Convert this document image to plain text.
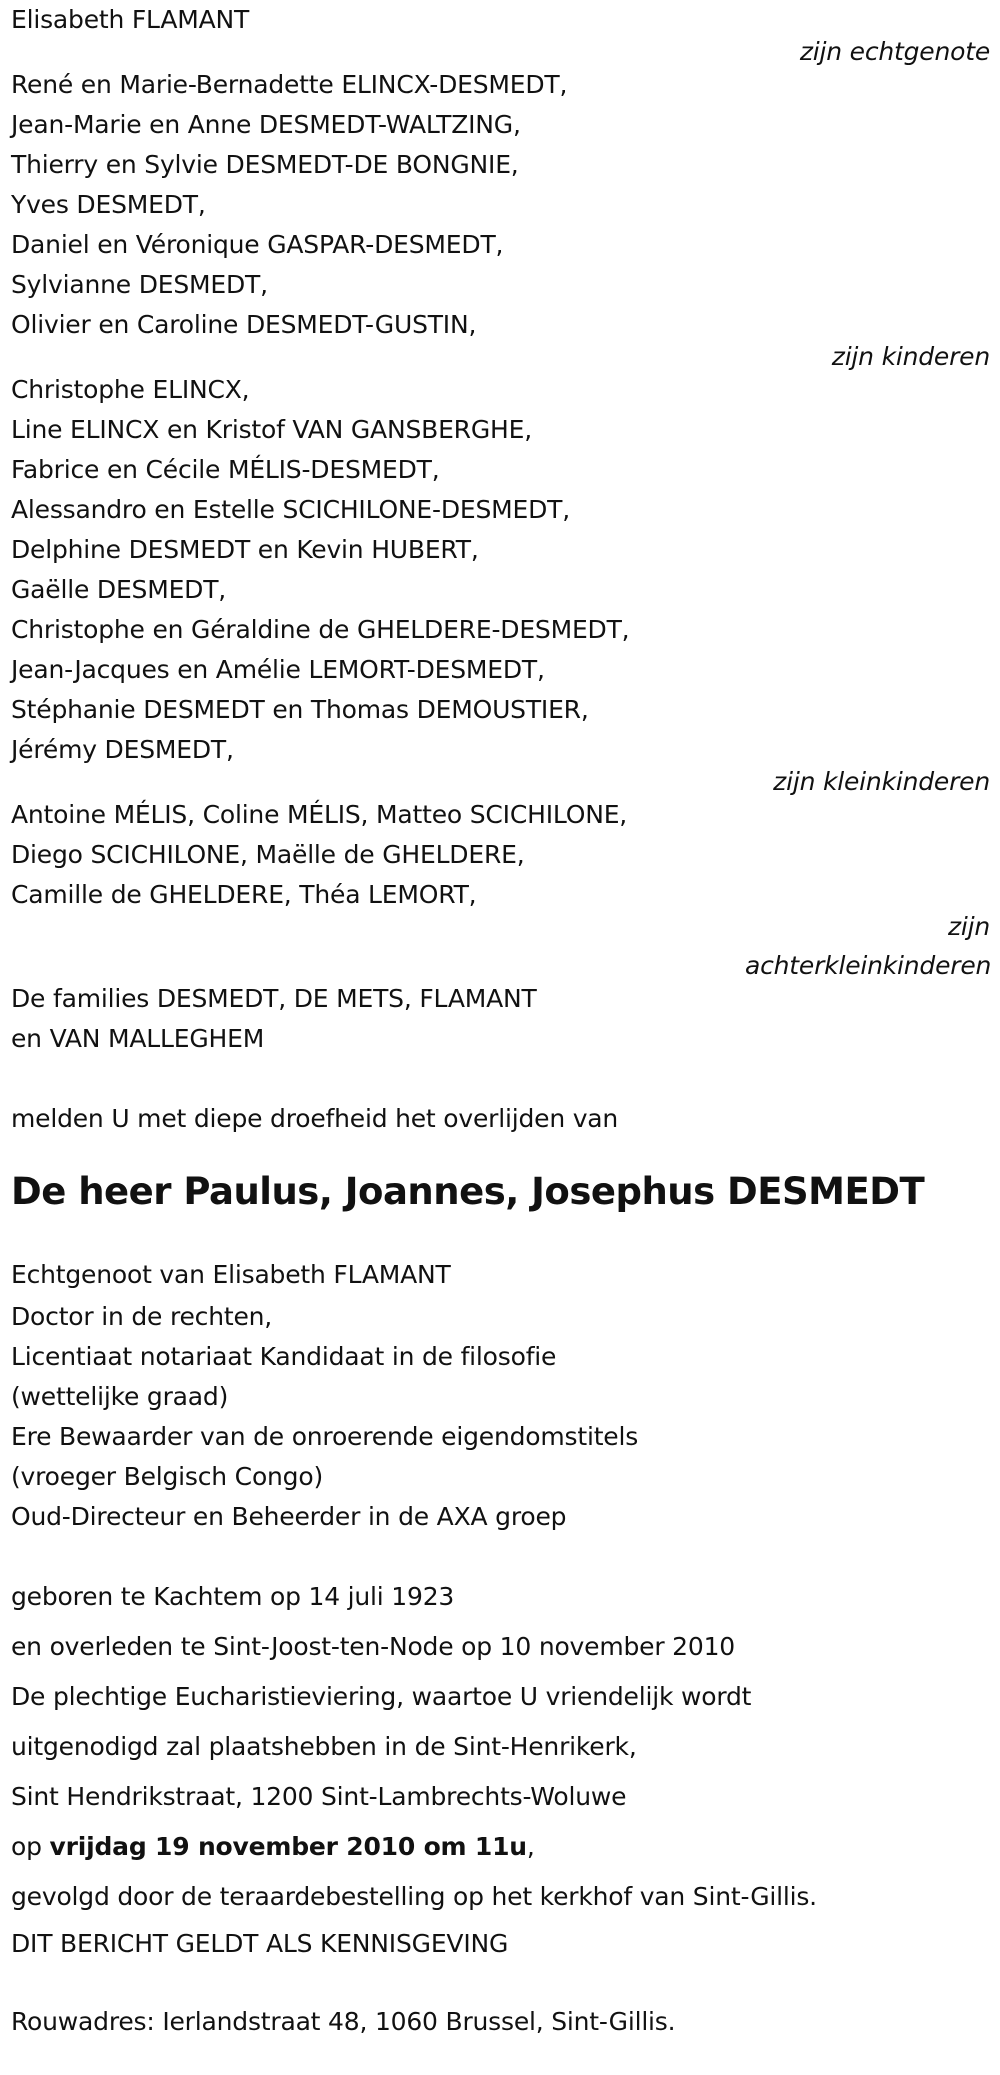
Elisabeth FLAMANT
zijn echtgenote
René en Marie-Bernadette ELINCX-DESMEDT,
Jean-Marie en Anne DESMEDT-WALTZING,
Thierry en Sylvie DESMEDT-DE BONGNIE,
Yves DESMEDT,
Daniel en Véronique GASPAR-DESMEDT,
Sylvianne DESMEDT,
Olivier en Caroline DESMEDT-GUSTIN,
zijn kinderen
Christophe ELINCX,
Line ELINCX en Kristof VAN GANSBERGHE,
Fabrice en Cécile MÉLIS-DESMEDT,
Alessandro en Estelle SCICHILONE-DESMEDT,
Delphine DESMEDT en Kevin HUBERT,
Gaëlle DESMEDT,
Christophe en Géraldine de GHELDERE-DESMEDT,
Jean-Jacques en Amélie LEMORT-DESMEDT,
Stéphanie DESMEDT en Thomas DEMOUSTIER,
Jérémy DESMEDT,
zijn kleinkinderen
Antoine MÉLIS, Coline MÉLIS, Matteo SCICHILONE,
Diego SCICHILONE, Maëlle de GHELDERE,
Camille de GHELDERE, Théa LEMORT,
zijn achterkleinkinderen
De families DESMEDT, DE METS, FLAMANT
en VAN MALLEGHEM
melden U met diepe droefheid het overlijden van
De heer Paulus, Joannes, Josephus DESMEDT
Echtgenoot van Elisabeth FLAMANT
Doctor in de rechten,
Licentiaat notariaat Kandidaat in de filosofie
(wettelijke graad)
Ere Bewaarder van de onroerende eigendomstitels
(vroeger Belgisch Congo)
Oud-Directeur en Beheerder in de AXA groep
geboren te Kachtem op 14 juli 1923
en overleden te Sint-Joost-ten-Node op 10 november 2010
De plechtige Eucharistieviering, waartoe U vriendelijk wordt
uitgenodigd zal plaatshebben in de Sint-Henrikerk,
Sint Hendrikstraat, 1200 Sint-Lambrechts-Woluwe
op vrijdag 19 november 2010 om 11u,
gevolgd door de teraardebestelling op het kerkhof van Sint-Gillis.
DIT BERICHT GELDT ALS KENNISGEVING
Rouwadres: Ierlandstraat 48, 1060 Brussel, Sint-Gillis.
